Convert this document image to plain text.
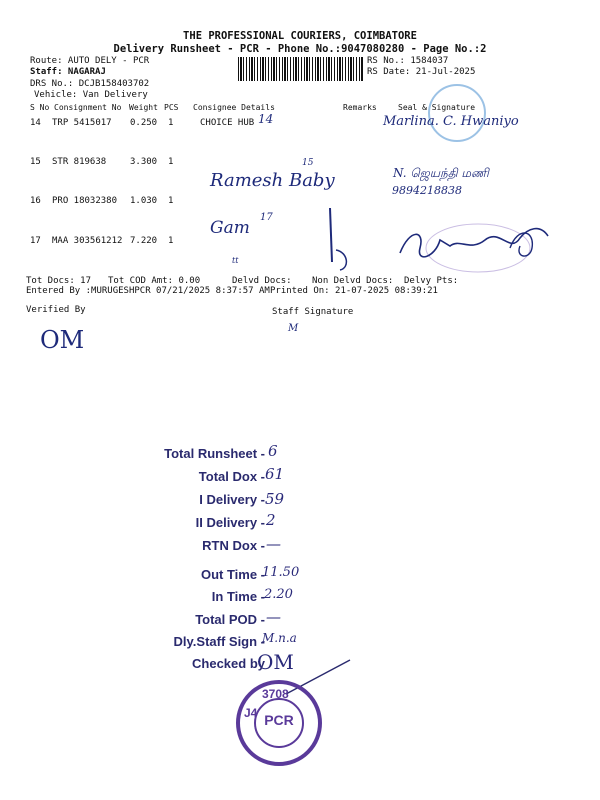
THE PROFESSIONAL COURIERS, COIMBATORE
Delivery Runsheet - PCR - Phone No.:9047080280 - Page No.:2
Route: AUTO DELY - PCR
Staff: NAGARAJ
DRS No.: DCJB158403702
Vehicle: Van Delivery
RS No.: 1584037
RS Date: 21-Jul-2025
S No Consignment No Weight PCS Consignee Details	Remarks	Seal & Signature
14 TRP 5415017 0.250 1	CHOICE HUB 14	Marlina. C. Hwaniyo
15 STR 819638	3.300 1	15
Ramesh Baby	N. ஜெயந்தி மணி
9894218838
16 PRO 18032380 1.030 1
Gam
17
17 MAA 303561212 7.220 1
tt
Tot Docs: 17 Tot COD Amt: 0.00	Delvd Docs: Non Delvd Docs: Delvy Pts:
Entered By :MURUGESHPCR 07/21/2025 8:37:57 AM Printed On: 21-07-2025 08:39:21
Verified By	Staff Signature
OM	M
Total Runsheet - 6
Total Dox - 61
I Delivery - 59
II Delivery - 2
RTN Dox - —
Out Time -
11.50
In Time - 2.20
Total POD - —
Dly.Staff Sign -
M.n.a
Checked by
OM
PCR
3708
J4
